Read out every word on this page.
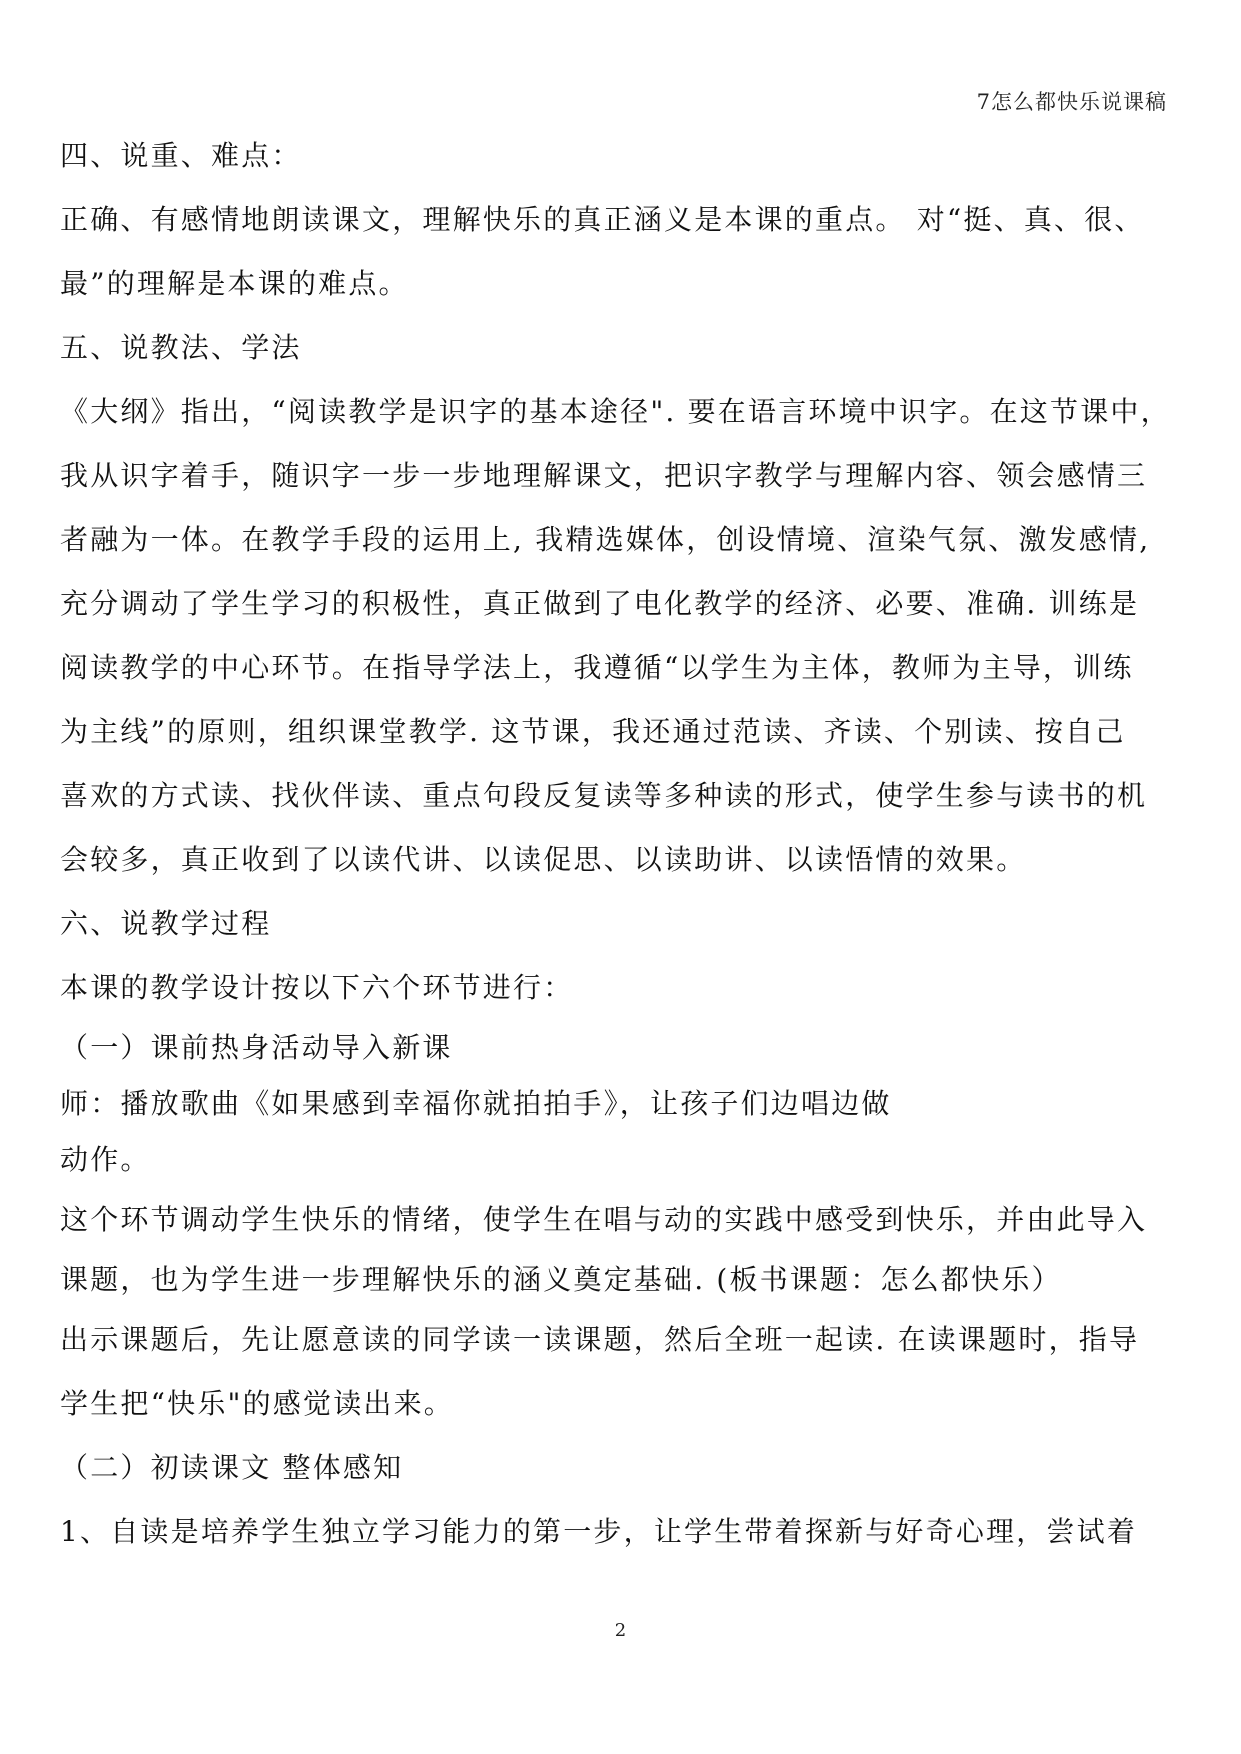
7怎么都快乐说课稿
四、说重、难点：
正确、有感情地朗读课文，理解快乐的真正涵义是本课的重点。 对“挺、真、很、
最”的理解是本课的难点。
五、说教法、学法
《大纲》指出，“阅读教学是识字的基本途径". 要在语言环境中识字。在这节课中，
我从识字着手，随识字一步一步地理解课文，把识字教学与理解内容、领会感情三
者融为一体。在教学手段的运用上, 我精选媒体，创设情境、渲染气氛、激发感情,
充分调动了学生学习的积极性，真正做到了电化教学的经济、必要、准确. 训练是
阅读教学的中心环节。在指导学法上，我遵循“以学生为主体，教师为主导，训练
为主线”的原则，组织课堂教学. 这节课，我还通过范读、齐读、个别读、按自己
喜欢的方式读、找伙伴读、重点句段反复读等多种读的形式，使学生参与读书的机
会较多，真正收到了以读代讲、以读促思、以读助讲、以读悟情的效果。
六、说教学过程
本课的教学设计按以下六个环节进行：
（一）课前热身活动导入新课
师：播放歌曲《如果感到幸福你就拍拍手》，让孩子们边唱边做
动作。
这个环节调动学生快乐的情绪，使学生在唱与动的实践中感受到快乐，并由此导入
课题，也为学生进一步理解快乐的涵义奠定基础. (板书课题：怎么都快乐）
出示课题后，先让愿意读的同学读一读课题，然后全班一起读. 在读课题时，指导
学生把“快乐"的感觉读出来。
（二）初读课文 整体感知
1、自读是培养学生独立学习能力的第一步，让学生带着探新与好奇心理，尝试着
2
